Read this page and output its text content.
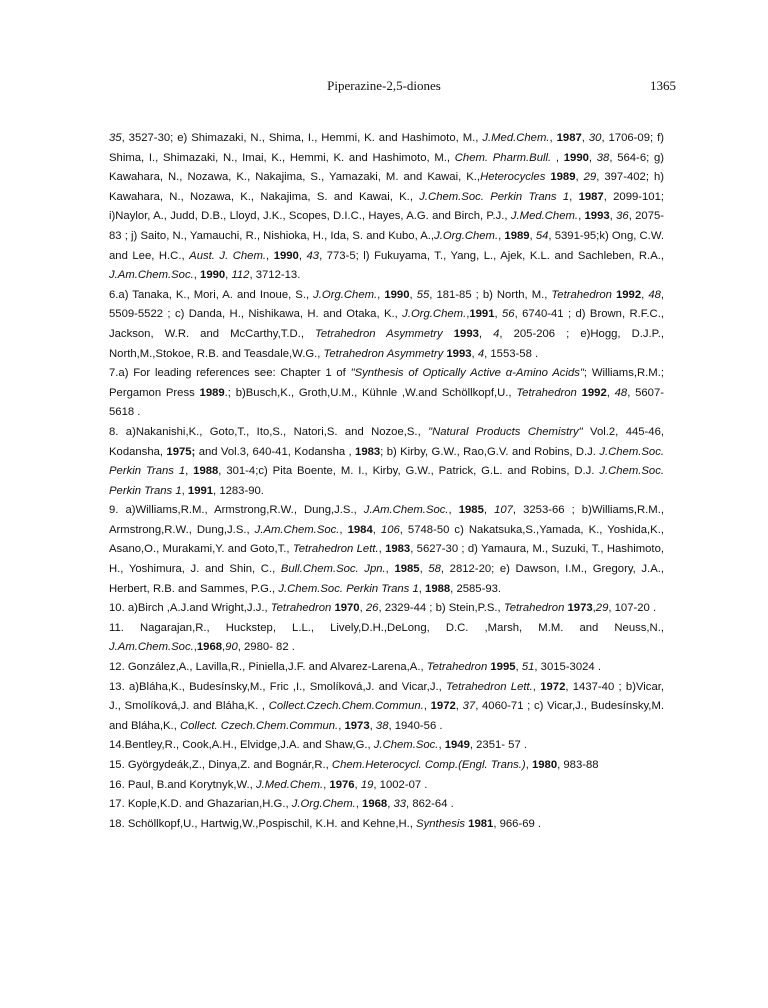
Piperazine-2,5-diones	1365

35, 3527-30; e) Shimazaki, N., Shima, I., Hemmi, K. and Hashimoto, M., J.Med.Chem., 1987, 30, 1706-09; f) Shima, I., Shimazaki, N., Imai, K., Hemmi, K. and Hashimoto, M., Chem. Pharm.Bull. , 1990, 38, 564-6; g) Kawahara, N., Nozawa, K., Nakajima, S., Yamazaki, M. and Kawai, K.,Heterocycles 1989, 29, 397-402; h) Kawahara, N., Nozawa, K., Nakajima, S. and Kawai, K., J.Chem.Soc. Perkin Trans 1, 1987, 2099-101; i)Naylor, A., Judd, D.B., Lloyd, J.K., Scopes, D.I.C., Hayes, A.G. and Birch, P.J., J.Med.Chem., 1993, 36, 2075-83 ; j) Saito, N., Yamauchi, R., Nishioka, H., Ida, S. and Kubo, A.,J.Org.Chem., 1989, 54, 5391-95;k) Ong, C.W. and Lee, H.C., Aust. J. Chem., 1990, 43, 773-5; l) Fukuyama, T., Yang, L., Ajek, K.L. and Sachleben, R.A., J.Am.Chem.Soc., 1990, 112, 3712-13.

6.a) Tanaka, K., Mori, A. and Inoue, S., J.Org.Chem., 1990, 55, 181-85 ; b) North, M., Tetrahedron 1992, 48, 5509-5522 ; c) Danda, H., Nishikawa, H. and Otaka, K., J.Org.Chem.,1991, 56, 6740-41 ; d) Brown, R.F.C., Jackson, W.R. and McCarthy,T.D., Tetrahedron Asymmetry 1993, 4, 205-206 ; e)Hogg, D.J.P., North,M.,Stokoe, R.B. and Teasdale,W.G., Tetrahedron Asymmetry 1993, 4, 1553-58 .

7.a) For leading references see: Chapter 1 of "Synthesis of Optically Active α-Amino Acids"; Williams,R.M.; Pergamon Press 1989.; b)Busch,K., Groth,U.M., Kühnle ,W.and Schöllkopf,U., Tetrahedron 1992, 48, 5607-5618 .

8. a)Nakanishi,K., Goto,T., Ito,S., Natori,S. and Nozoe,S., "Natural Products Chemistry" Vol.2, 445-46, Kodansha, 1975; and Vol.3, 640-41, Kodansha , 1983; b) Kirby, G.W., Rao,G.V. and Robins, D.J. J.Chem.Soc. Perkin Trans 1, 1988, 301-4;c) Pita Boente, M. I., Kirby, G.W., Patrick, G.L. and Robins, D.J. J.Chem.Soc. Perkin Trans 1, 1991, 1283-90.

9. a)Williams,R.M., Armstrong,R.W., Dung,J.S., J.Am.Chem.Soc., 1985, 107, 3253-66 ; b)Williams,R.M., Armstrong,R.W., Dung,J.S., J.Am.Chem.Soc., 1984, 106, 5748-50 c) Nakatsuka,S.,Yamada, K., Yoshida,K., Asano,O., Murakami,Y. and Goto,T., Tetrahedron Lett., 1983, 5627-30 ; d) Yamaura, M., Suzuki, T., Hashimoto, H., Yoshimura, J. and Shin, C., Bull.Chem.Soc. Jpn., 1985, 58, 2812-20; e) Dawson, I.M., Gregory, J.A., Herbert, R.B. and Sammes, P.G., J.Chem.Soc. Perkin Trans 1, 1988, 2585-93.

10. a)Birch ,A.J.and Wright,J.J., Tetrahedron 1970, 26, 2329-44 ; b) Stein,P.S., Tetrahedron 1973,29, 107-20 .

11. Nagarajan,R., Huckstep, L.L., Lively,D.H.,DeLong, D.C. ,Marsh, M.M. and Neuss,N., J.Am.Chem.Soc.,1968,90, 2980- 82 .

12. González,A., Lavilla,R., Piniella,J.F. and Alvarez-Larena,A., Tetrahedron 1995, 51, 3015-3024 .

13. a)Bláha,K., Budesínsky,M., Fric ,I., Smolíková,J. and Vicar,J., Tetrahedron Lett., 1972, 1437-40 ; b)Vicar, J., Smolíková,J. and Bláha,K. , Collect.Czech.Chem.Commun., 1972, 37, 4060-71 ; c) Vicar,J., Budesínsky,M. and Bláha,K., Collect. Czech.Chem.Commun., 1973, 38, 1940-56 .

14.Bentley,R., Cook,A.H., Elvidge,J.A. and Shaw,G., J.Chem.Soc., 1949, 2351- 57 .

15. Györgydeák,Z., Dinya,Z. and Bognár,R., Chem.Heterocycl. Comp.(Engl. Trans.), 1980, 983-88

16. Paul, B.and Korytnyk,W., J.Med.Chem., 1976, 19, 1002-07 .

17. Kople,K.D. and Ghazarian,H.G., J.Org.Chem., 1968, 33, 862-64 .

18. Schöllkopf,U., Hartwig,W.,Pospischil, K.H. and Kehne,H., Synthesis 1981, 966-69 .
